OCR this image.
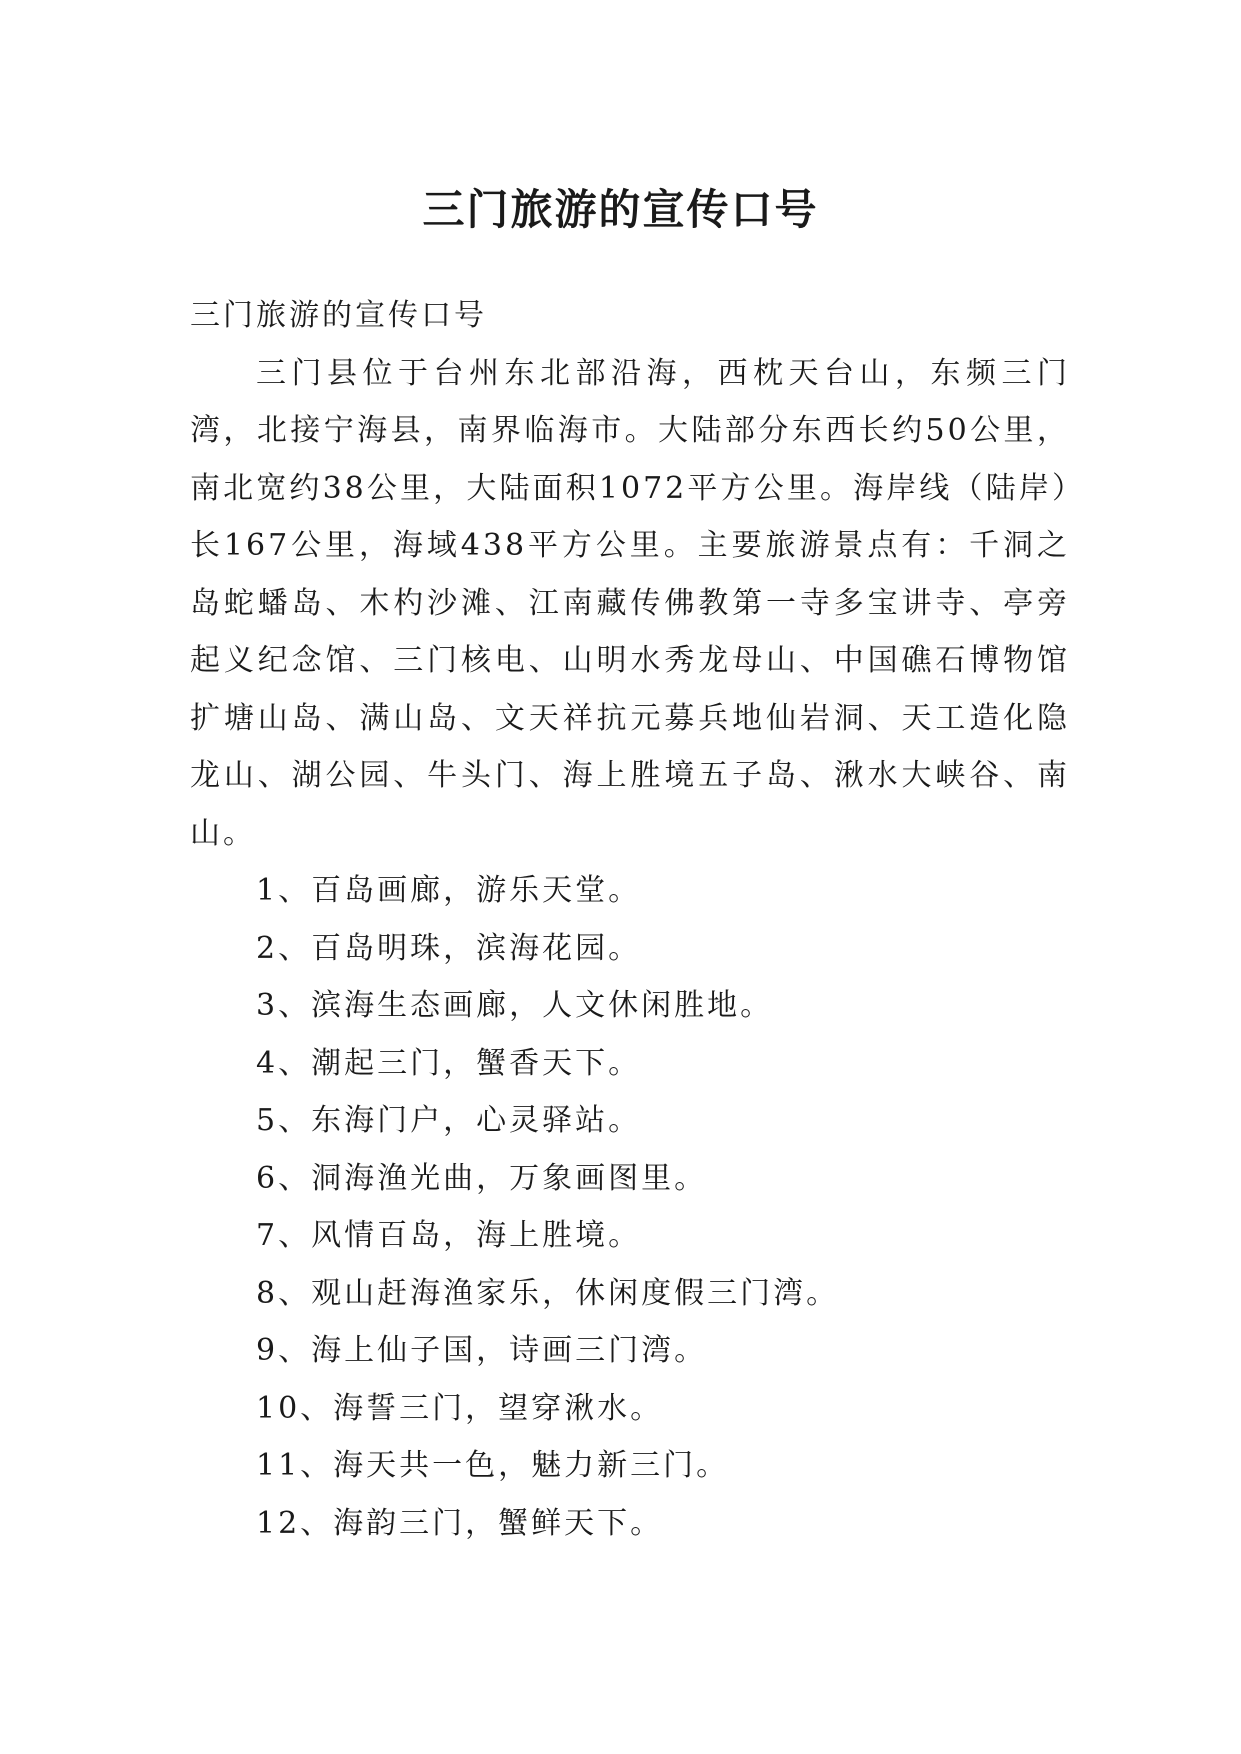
三门旅游的宣传口号

三门旅游的宣传口号

三门县位于台州东北部沿海，西枕天台山，东频三门湾，北接宁海县，南界临海市。大陆部分东西长约50公里，南北宽约38公里，大陆面积1072平方公里。海岸线（陆岸）长167公里，海域438平方公里。主要旅游景点有：千洞之岛蛇蟠岛、木杓沙滩、江南藏传佛教第一寺多宝讲寺、亭旁起义纪念馆、三门核电、山明水秀龙母山、中国礁石博物馆扩塘山岛、满山岛、文天祥抗元募兵地仙岩洞、天工造化隐龙山、湖公园、牛头门、海上胜境五子岛、湫水大峡谷、南山。

1、百岛画廊，游乐天堂。
2、百岛明珠，滨海花园。
3、滨海生态画廊，人文休闲胜地。
4、潮起三门，蟹香天下。
5、东海门户，心灵驿站。
6、洞海渔光曲，万象画图里。
7、风情百岛，海上胜境。
8、观山赶海渔家乐，休闲度假三门湾。
9、海上仙子国，诗画三门湾。
10、海誓三门，望穿湫水。
11、海天共一色，魅力新三门。
12、海韵三门，蟹鲜天下。
